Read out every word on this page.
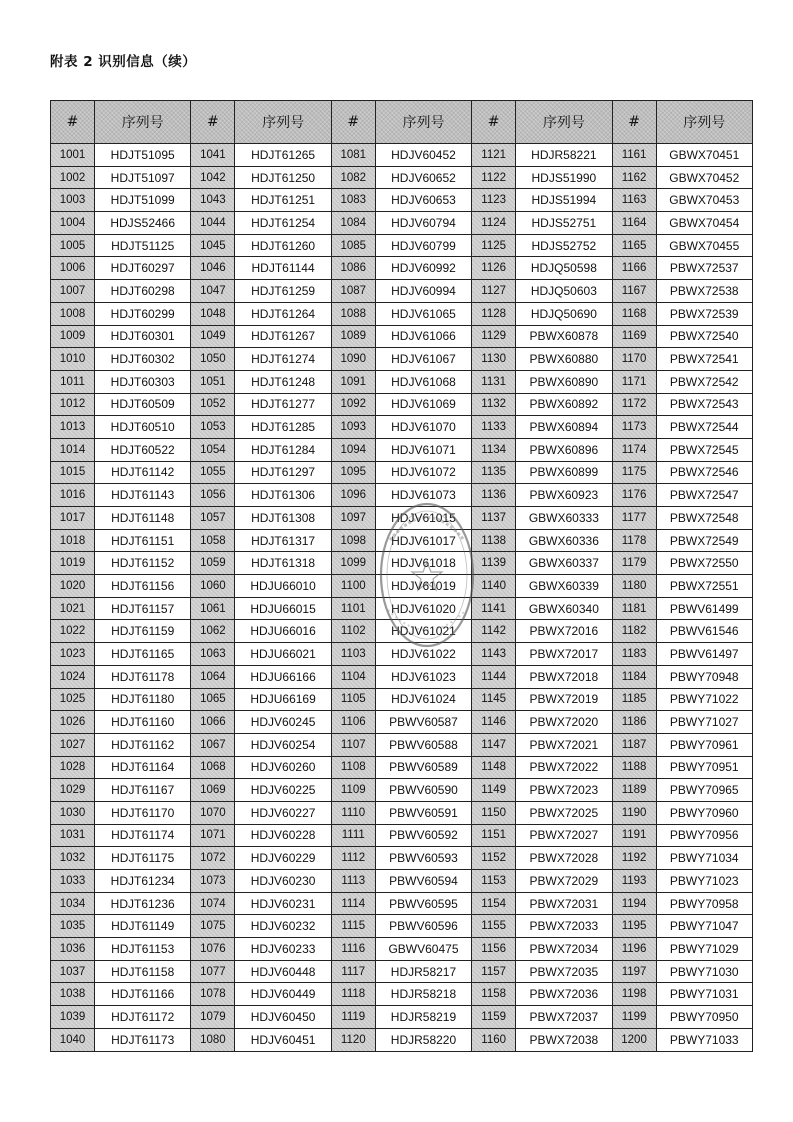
附表 2 识别信息（续）
#	序列号	#	序列号	#	序列号	#	序列号	#	序列号
1001	HDJT51095	1041	HDJT61265	1081	HDJV60452	1121	HDJR58221	1161	GBWX70451
1002	HDJT51097	1042	HDJT61250	1082	HDJV60652	1122	HDJS51990	1162	GBWX70452
1003	HDJT51099	1043	HDJT61251	1083	HDJV60653	1123	HDJS51994	1163	GBWX70453
1004	HDJS52466	1044	HDJT61254	1084	HDJV60794	1124	HDJS52751	1164	GBWX70454
1005	HDJT51125	1045	HDJT61260	1085	HDJV60799	1125	HDJS52752	1165	GBWX70455
1006	HDJT60297	1046	HDJT61144	1086	HDJV60992	1126	HDJQ50598	1166	PBWX72537
1007	HDJT60298	1047	HDJT61259	1087	HDJV60994	1127	HDJQ50603	1167	PBWX72538
1008	HDJT60299	1048	HDJT61264	1088	HDJV61065	1128	HDJQ50690	1168	PBWX72539
1009	HDJT60301	1049	HDJT61267	1089	HDJV61066	1129	PBWX60878	1169	PBWX72540
1010	HDJT60302	1050	HDJT61274	1090	HDJV61067	1130	PBWX60880	1170	PBWX72541
1011	HDJT60303	1051	HDJT61248	1091	HDJV61068	1131	PBWX60890	1171	PBWX72542
1012	HDJT60509	1052	HDJT61277	1092	HDJV61069	1132	PBWX60892	1172	PBWX72543
1013	HDJT60510	1053	HDJT61285	1093	HDJV61070	1133	PBWX60894	1173	PBWX72544
1014	HDJT60522	1054	HDJT61284	1094	HDJV61071	1134	PBWX60896	1174	PBWX72545
1015	HDJT61142	1055	HDJT61297	1095	HDJV61072	1135	PBWX60899	1175	PBWX72546
1016	HDJT61143	1056	HDJT61306	1096	HDJV61073	1136	PBWX60923	1176	PBWX72547
1017	HDJT61148	1057	HDJT61308	1097	HDJV61015	1137	GBWX60333	1177	PBWX72548
1018	HDJT61151	1058	HDJT61317	1098	HDJV61017	1138	GBWX60336	1178	PBWX72549
1019	HDJT61152	1059	HDJT61318	1099	HDJV61018	1139	GBWX60337	1179	PBWX72550
1020	HDJT61156	1060	HDJU66010	1100	HDJV61019	1140	GBWX60339	1180	PBWX72551
1021	HDJT61157	1061	HDJU66015	1101	HDJV61020	1141	GBWX60340	1181	PBWV61499
1022	HDJT61159	1062	HDJU66016	1102	HDJV61021	1142	PBWX72016	1182	PBWV61546
1023	HDJT61165	1063	HDJU66021	1103	HDJV61022	1143	PBWX72017	1183	PBWV61497
1024	HDJT61178	1064	HDJU66166	1104	HDJV61023	1144	PBWX72018	1184	PBWY70948
1025	HDJT61180	1065	HDJU66169	1105	HDJV61024	1145	PBWX72019	1185	PBWY71022
1026	HDJT61160	1066	HDJV60245	1106	PBWV60587	1146	PBWX72020	1186	PBWY71027
1027	HDJT61162	1067	HDJV60254	1107	PBWV60588	1147	PBWX72021	1187	PBWY70961
1028	HDJT61164	1068	HDJV60260	1108	PBWV60589	1148	PBWX72022	1188	PBWY70951
1029	HDJT61167	1069	HDJV60225	1109	PBWV60590	1149	PBWX72023	1189	PBWY70965
1030	HDJT61170	1070	HDJV60227	1110	PBWV60591	1150	PBWX72025	1190	PBWY70960
1031	HDJT61174	1071	HDJV60228	1111	PBWV60592	1151	PBWX72027	1191	PBWY70956
1032	HDJT61175	1072	HDJV60229	1112	PBWV60593	1152	PBWX72028	1192	PBWY71034
1033	HDJT61234	1073	HDJV60230	1113	PBWV60594	1153	PBWX72029	1193	PBWY71023
1034	HDJT61236	1074	HDJV60231	1114	PBWV60595	1154	PBWX72031	1194	PBWY70958
1035	HDJT61149	1075	HDJV60232	1115	PBWV60596	1155	PBWX72033	1195	PBWY71047
1036	HDJT61153	1076	HDJV60233	1116	GBWV60475	1156	PBWX72034	1196	PBWY71029
1037	HDJT61158	1077	HDJV60448	1117	HDJR58217	1157	PBWX72035	1197	PBWY71030
1038	HDJT61166	1078	HDJV60449	1118	HDJR58218	1158	PBWX72036	1198	PBWY71031
1039	HDJT61172	1079	HDJV60450	1119	HDJR58219	1159	PBWX72037	1199	PBWY70950
1040	HDJT61173	1080	HDJV60451	1120	HDJR58220	1160	PBWX72038	1200	PBWY71033
